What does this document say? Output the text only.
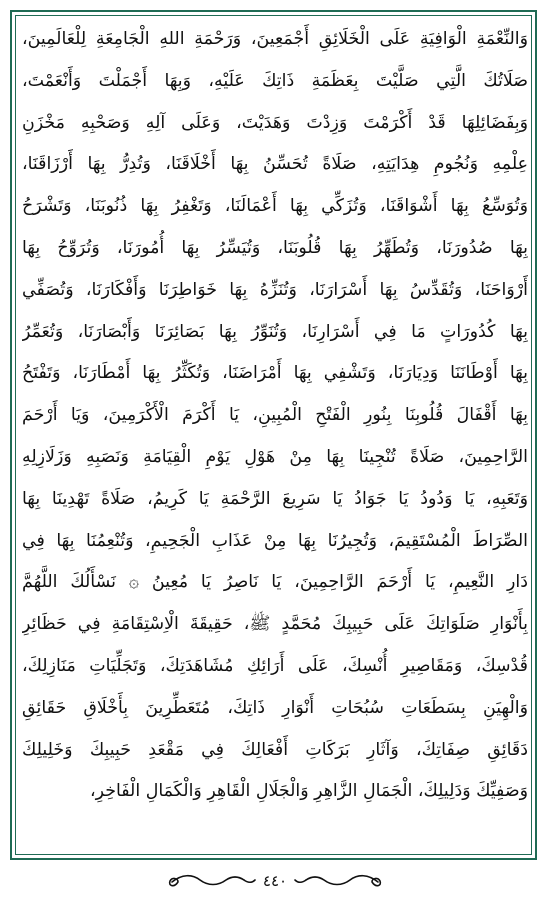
وَالنِّعْمَةِ الْوَافِيَةِ عَلَى الْخَلَائِقِ أَجْمَعِينَ، وَرَحْمَةِ اللهِ الْجَامِعَةِ لِلْعَالَمِينَ،
صَلَاتُكَ الَّتِي صَلَّيْتَ بِعَظَمَةِ ذَاتِكَ عَلَيْهِ، وَبِهَا أَجْمَلْتَ وَأَنْعَمْتَ،
وَبِفَضَائِلِهَا قَدْ أَكْرَمْتَ وَزِدْتَ وَهَدَيْتَ، وَعَلَى آلِهِ وَصَحْبِهِ مَخْزَنِ
عِلْمِهِ وَنُجُومِ هِدَايَتِهِ، صَلَاةً تُحَسِّنُ بِهَا أَخْلَاقَنَا، وَتُدِرُّ بِهَا أَرْزَاقَنَا،
وَتُوَسِّعُ بِهَا أَشْوَاقَنَا، وَتُزَكِّي بِهَا أَعْمَالَنَا، وَتَغْفِرُ بِهَا ذُنُوبَنَا، وَتَشْرَحُ
بِهَا صُدُورَنَا، وَتُطَهِّرُ بِهَا قُلُوبَنَا، وَتُيَسِّرُ بِهَا أُمُورَنَا، وَتُرَوِّحُ بِهَا
أَرْوَاحَنَا، وَتُقَدِّسُ بِهَا أَسْرَارَنَا، وَتُنَزِّهُ بِهَا خَوَاطِرَنَا وَأَفْكَارَنَا، وَتُصَفِّي
بِهَا كُدُورَاتٍ مَا فِي أَسْرَارِنَا، وَتُنَوِّرُ بِهَا بَصَائِرَنَا وَأَبْصَارَنَا، وَتُعَمِّرُ
بِهَا أَوْطَانَنَا وَدِيَارَنَا، وَتَشْفِي بِهَا أَمْرَاضَنَا، وَتُكَثِّرُ بِهَا أَمْطَارَنَا، وَتَفْتَحُ
بِهَا أَقْفَالَ قُلُوبِنَا بِنُورِ الْفَتْحِ الْمُبِينِ، يَا أَكْرَمَ الْأَكْرَمِينَ، وَيَا أَرْحَمَ
الرَّاحِمِينَ، صَلَاةً تُنْجِينَا بِهَا مِنْ هَوْلِ يَوْمِ الْقِيَامَةِ وَنَصَبِهِ وَزَلَازِلِهِ
وَتَعَبِهِ، يَا وَدُودُ يَا جَوَادُ يَا سَرِيعَ الرَّحْمَةِ يَا كَرِيمُ، صَلَاةً تَهْدِينَا بِهَا
الصِّرَاطَ الْمُسْتَقِيمَ، وَتُجِيرُنَا بِهَا مِنْ عَذَابِ الْجَحِيمِ، وَتُنْعِمُنَا بِهَا فِي
دَارِ النَّعِيمِ، يَا أَرْحَمَ الرَّاحِمِينَ، يَا نَاصِرُ يَا مُعِينُ ۞ نَسْأَلُكَ اللَّهُمَّ
بِأَنْوَارِ صَلَوَاتِكَ عَلَى حَبِيبِكَ مُحَمَّدٍ ﷺ، حَقِيقَةَ الْاِسْتِقَامَةِ فِي حَظَائِرِ
قُدْسِكَ، وَمَقَاصِيرِ أُنْسِكَ، عَلَى أَرَائِكِ مُشَاهَدَتِكَ، وَتَجَلِّيَاتِ مَنَازِلِكَ،
وَالْهِيَنِ بِسَطَعَاتِ سُبُحَاتِ أَنْوَارِ ذَاتِكَ، مُتَعَطِّرِينَ بِأَخْلَاقِ حَقَائِقِ
دَقَائِقِ صِفَاتِكَ، وَآثَارِ بَرَكَاتِ أَفْعَالِكَ فِي مَقْعَدِ حَبِيبِكَ وَخَلِيلِكَ
وَصَفِيِّكَ وَدَلِيلِكَ، الْجَمَالِ الزَّاهِرِ وَالْجَلَالِ الْقَاهِرِ وَالْكَمَالِ الْفَاخِرِ،
٤٤٠
